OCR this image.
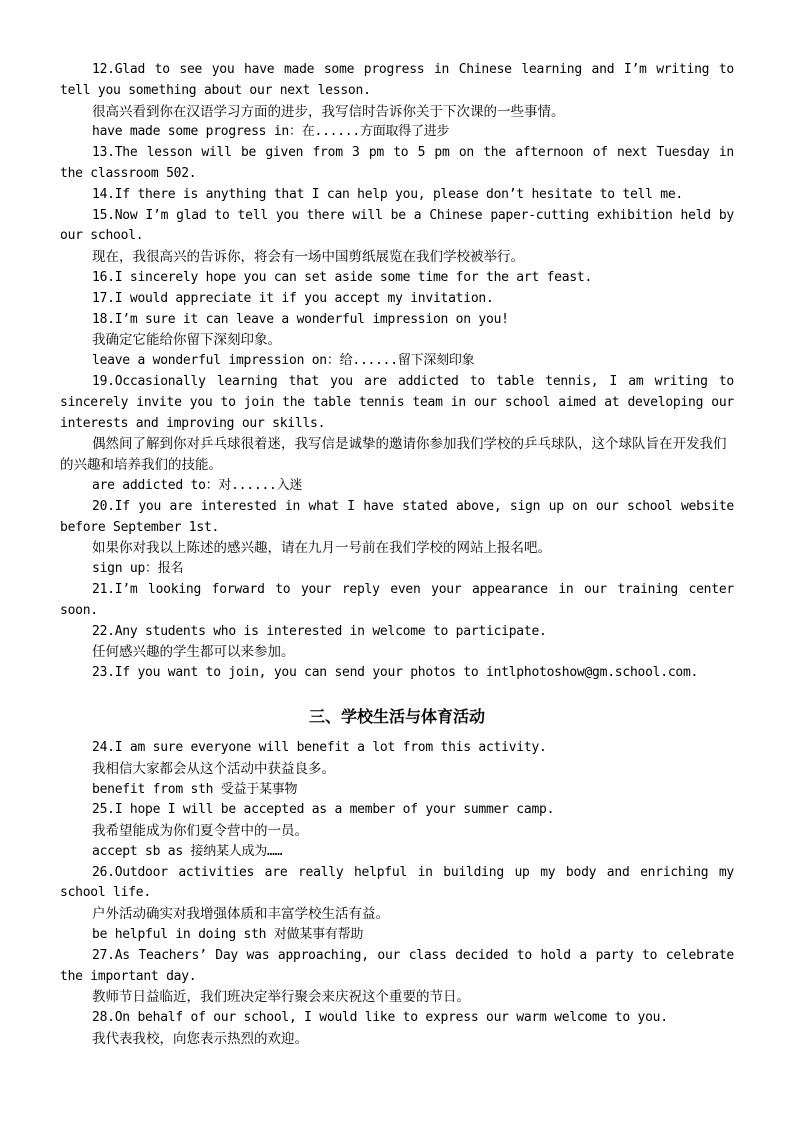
12.Glad to see you have made some progress in Chinese learning and I’m writing to tell you something about our next lesson.

很高兴看到你在汉语学习方面的进步，我写信时告诉你关于下次课的一些事情。

have made some progress in：在......方面取得了进步

13.The lesson will be given from 3 pm to 5 pm on the afternoon of next Tuesday in the classroom 502.

14.If there is anything that I can help you, please don’t hesitate to tell me.

15.Now I’m glad to tell you there will be a Chinese paper-cutting exhibition held by our school.

现在，我很高兴的告诉你，将会有一场中国剪纸展览在我们学校被举行。

16.I sincerely hope you can set aside some time for the art feast.

17.I would appreciate it if you accept my invitation.

18.I’m sure it can leave a wonderful impression on you!

我确定它能给你留下深刻印象。

leave a wonderful impression on：给......留下深刻印象

19.Occasionally learning that you are addicted to table tennis, I am writing to sincerely invite you to join the table tennis team in our school aimed at developing our interests and improving our skills.

偶然间了解到你对乒乓球很着迷，我写信是诚挚的邀请你参加我们学校的乒乓球队，这个球队旨在开发我们的兴趣和培养我们的技能。

are addicted to：对......入迷

20.If you are interested in what I have stated above, sign up on our school website before September 1st.

如果你对我以上陈述的感兴趣，请在九月一号前在我们学校的网站上报名吧。

sign up：报名

21.I’m looking forward to your reply even your appearance in our training center soon.

22.Any students who is interested in welcome to participate.

任何感兴趣的学生都可以来参加。

23.If you want to join, you can send your photos to intlphotoshow@gm.school.com.

三、学校生活与体育活动

24.I am sure everyone will benefit a lot from this activity.

我相信大家都会从这个活动中获益良多。

benefit from sth 受益于某事物

25.I hope I will be accepted as a member of your summer camp.

我希望能成为你们夏令营中的一员。

accept sb as 接纳某人成为……

26.Outdoor activities are really helpful in building up my body and enriching my school life.

户外活动确实对我增强体质和丰富学校生活有益。

be helpful in doing sth 对做某事有帮助

27.As Teachers’ Day was approaching, our class decided to hold a party to celebrate the important day.

教师节日益临近，我们班决定举行聚会来庆祝这个重要的节日。

28.On behalf of our school, I would like to express our warm welcome to you.

我代表我校，向您表示热烈的欢迎。
